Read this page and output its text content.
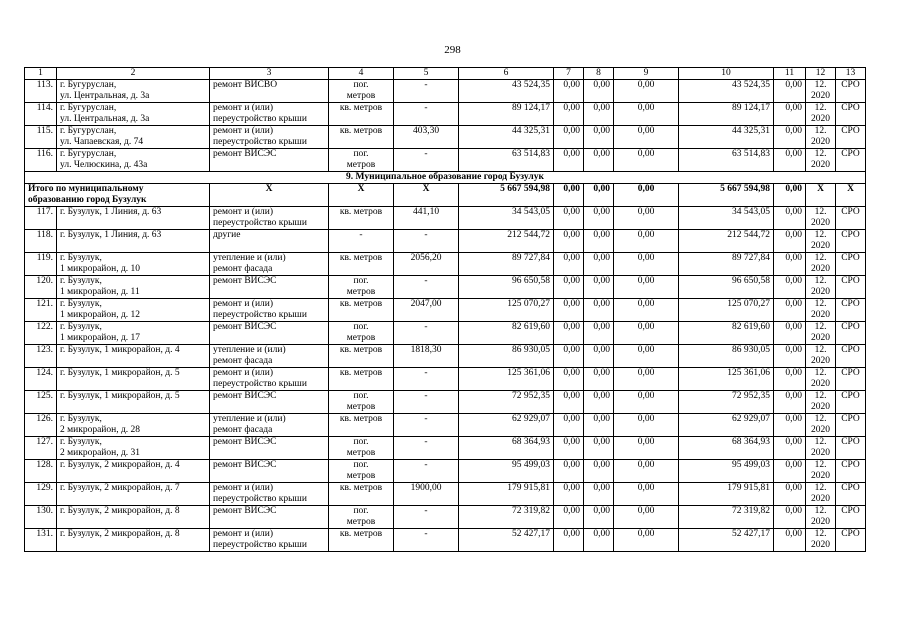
298
1	2	3	4	5	6	7	8	9	10	11	12	13
113.	г. Бугуруслан,
ул. Центральная, д. 3а	ремонт ВИСВО	пог.
метров	-	43 524,35	0,00	0,00	0,00	43 524,35	0,00	12.
2020	СРО
114.	г. Бугуруслан,
ул. Центральная, д. 3а	ремонт и (или)
переустройство крыши	кв. метров	-	89 124,17	0,00	0,00	0,00	89 124,17	0,00	12.
2020	СРО
115.	г. Бугуруслан,
ул. Чапаевская, д. 74	ремонт и (или)
переустройство крыши	кв. метров	403,30	44 325,31	0,00	0,00	0,00	44 325,31	0,00	12.
2020	СРО
116.	г. Бугуруслан,
ул. Челюскина, д. 43а	ремонт ВИСЭС	пог.
метров	-	63 514,83	0,00	0,00	0,00	63 514,83	0,00	12.
2020	СРО
9. Муниципальное образование город Бузулук												
Итого по муниципальному
образованию город Бузулук		X	X	X	5 667 594,98	0,00	0,00	0,00	5 667 594,98	0,00	X	X
117.	г. Бузулук, 1 Линия, д. 63	ремонт и (или)
переустройство крыши	кв. метров	441,10	34 543,05	0,00	0,00	0,00	34 543,05	0,00	12.
2020	СРО
118.	г. Бузулук, 1 Линия, д. 63	другие	-	-	212 544,72	0,00	0,00	0,00	212 544,72	0,00	12.
2020	СРО
119.	г. Бузулук,
1 микрорайон, д. 10	утепление и (или)
ремонт фасада	кв. метров	2056,20	89 727,84	0,00	0,00	0,00	89 727,84	0,00	12.
2020	СРО
120.	г. Бузулук,
1 микрорайон, д. 11	ремонт ВИСЭС	пог.
метров	-	96 650,58	0,00	0,00	0,00	96 650,58	0,00	12.
2020	СРО
121.	г. Бузулук,
1 микрорайон, д. 12	ремонт и (или)
переустройство крыши	кв. метров	2047,00	125 070,27	0,00	0,00	0,00	125 070,27	0,00	12.
2020	СРО
122.	г. Бузулук,
1 микрорайон, д. 17	ремонт ВИСЭС	пог.
метров	-	82 619,60	0,00	0,00	0,00	82 619,60	0,00	12.
2020	СРО
123.	г. Бузулук, 1 микрорайон, д. 4	утепление и (или)
ремонт фасада	кв. метров	1818,30	86 930,05	0,00	0,00	0,00	86 930,05	0,00	12.
2020	СРО
124.	г. Бузулук, 1 микрорайон, д. 5	ремонт и (или)
переустройство крыши	кв. метров	-	125 361,06	0,00	0,00	0,00	125 361,06	0,00	12.
2020	СРО
125.	г. Бузулук, 1 микрорайон, д. 5	ремонт ВИСЭС	пог.
метров	-	72 952,35	0,00	0,00	0,00	72 952,35	0,00	12.
2020	СРО
126.	г. Бузулук,
2 микрорайон, д. 28	утепление и (или)
ремонт фасада	кв. метров	-	62 929,07	0,00	0,00	0,00	62 929,07	0,00	12.
2020	СРО
127.	г. Бузулук,
2 микрорайон, д. 31	ремонт ВИСЭС	пог.
метров	-	68 364,93	0,00	0,00	0,00	68 364,93	0,00	12.
2020	СРО
128.	г. Бузулук, 2 микрорайон, д. 4	ремонт ВИСЭС	пог.
метров	-	95 499,03	0,00	0,00	0,00	95 499,03	0,00	12.
2020	СРО
129.	г. Бузулук, 2 микрорайон, д. 7	ремонт и (или)
переустройство крыши	кв. метров	1900,00	179 915,81	0,00	0,00	0,00	179 915,81	0,00	12.
2020	СРО
130.	г. Бузулук, 2 микрорайон, д. 8	ремонт ВИСЭС	пог.
метров	-	72 319,82	0,00	0,00	0,00	72 319,82	0,00	12.
2020	СРО
131.	г. Бузулук, 2 микрорайон, д. 8	ремонт и (или)
переустройство крыши	кв. метров	-	52 427,17	0,00	0,00	0,00	52 427,17	0,00	12.
2020	СРО
